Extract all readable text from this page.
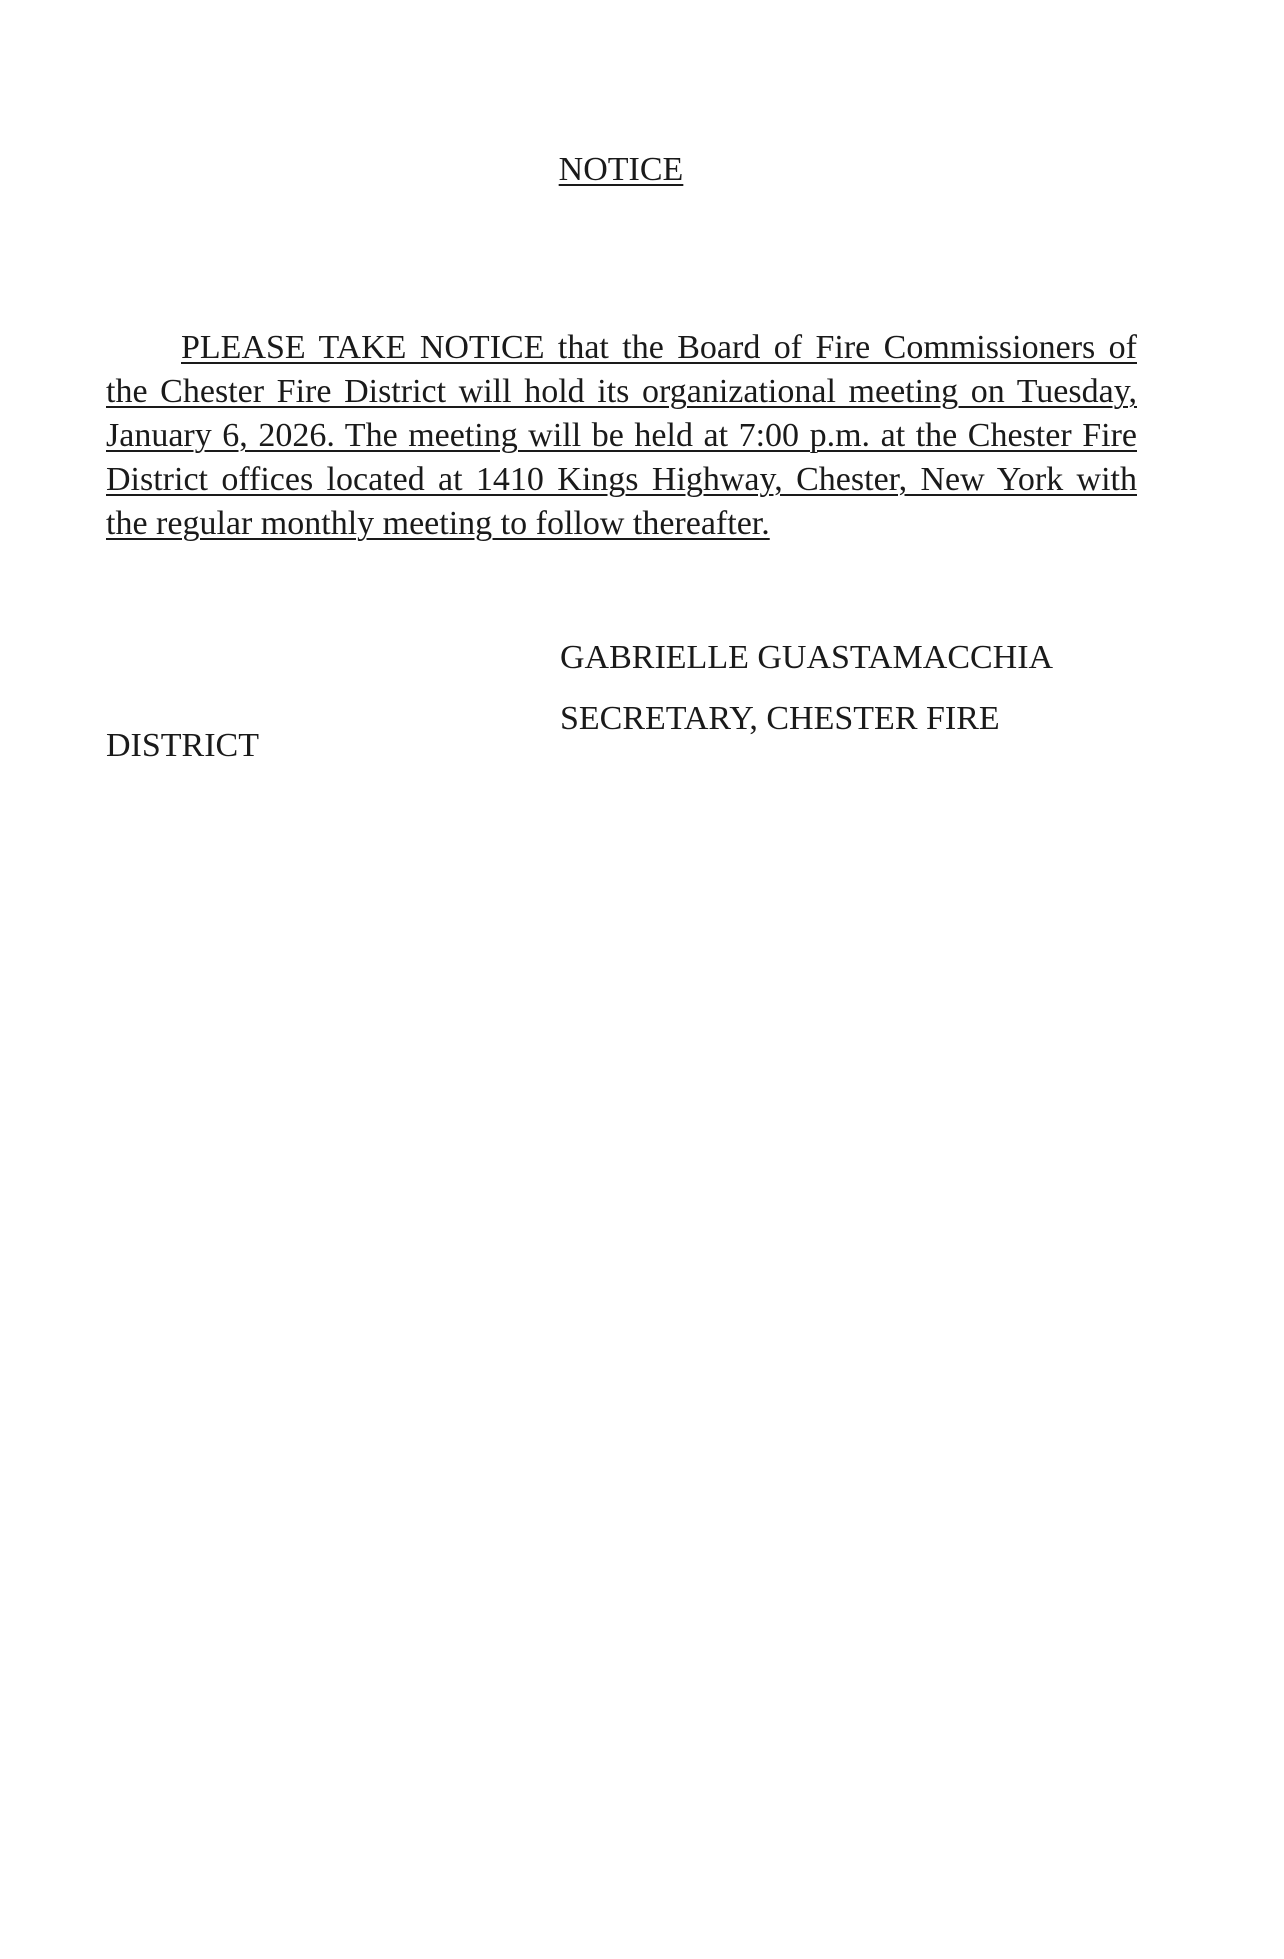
NOTICE

PLEASE TAKE NOTICE that the Board of Fire Commissioners of the Chester Fire District will hold its organizational meeting on Tuesday, January 6, 2026. The meeting will be held at 7:00 p.m. at the Chester Fire District offices located at 1410 Kings Highway, Chester, New York with the regular monthly meeting to follow thereafter.

GABRIELLE GUASTAMACCHIA
SECRETARY, CHESTER FIRE
DISTRICT
